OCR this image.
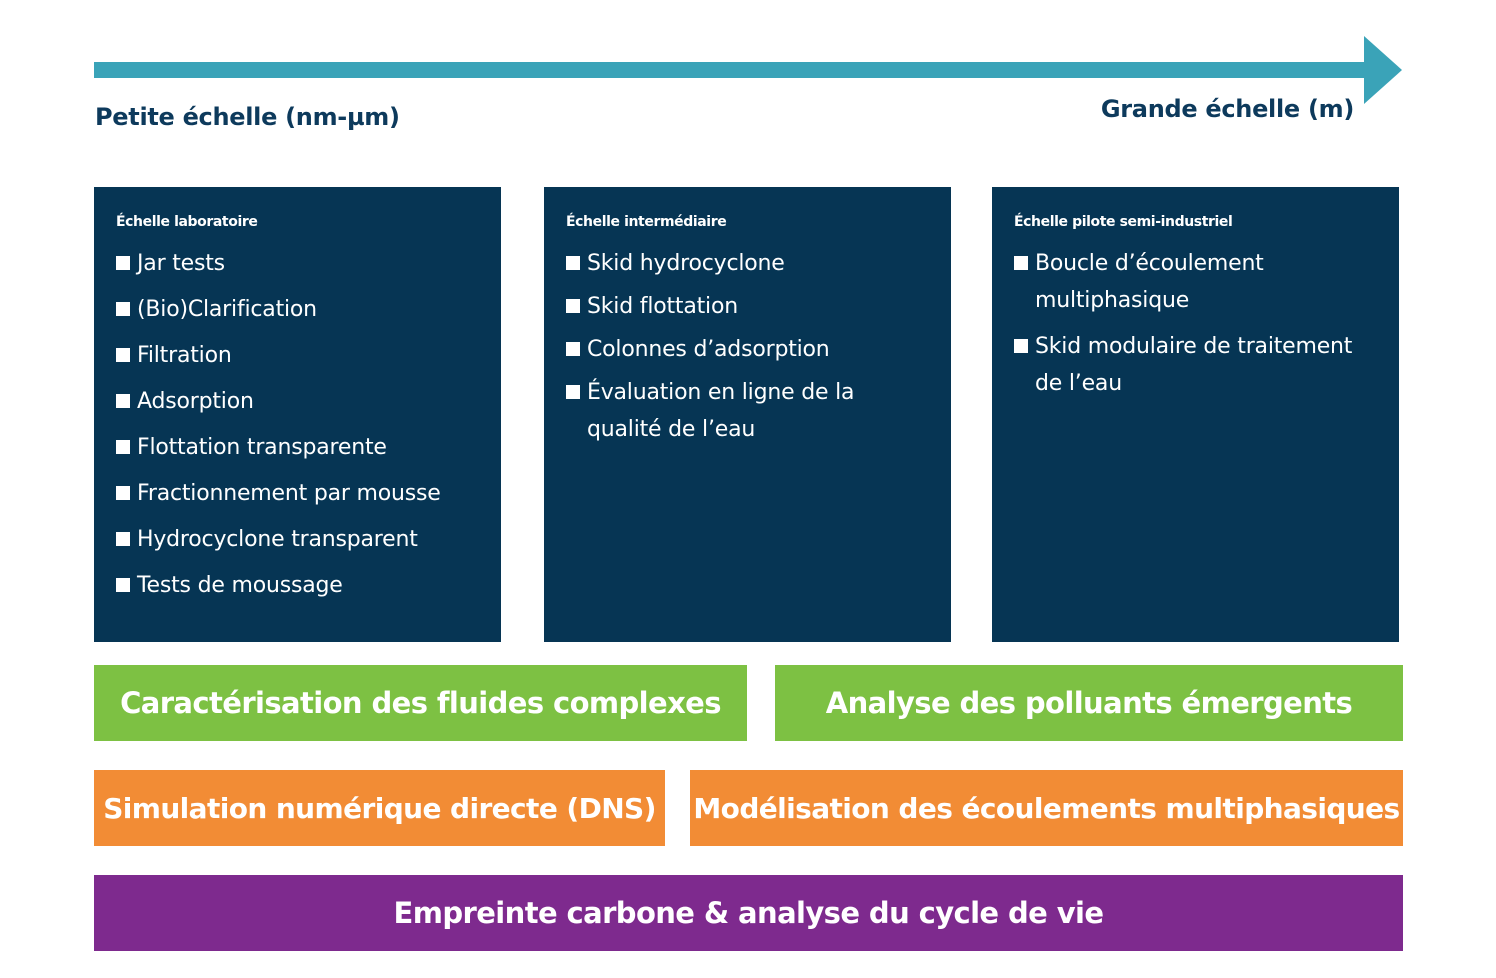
Petite échelle (nm-µm)	Grande échelle (m)
Échelle laboratoire
Jar tests
(Bio)Clarification
Filtration
Adsorption
Flottation transparente
Fractionnement par mousse
Hydrocyclone transparent
Tests de moussage
Échelle intermédiaire
Skid hydrocyclone
Skid flottation
Colonnes d’adsorption
Évaluation en ligne de la qualité de l’eau
Échelle pilote semi-industriel
Boucle d’écoulement multiphasique
Skid modulaire de traitement de l’eau
Caractérisation des fluides complexes	Analyse des polluants émergents
Simulation numérique directe (DNS) Modélisation des écoulements multiphasiques
Empreinte carbone & analyse du cycle de vie
